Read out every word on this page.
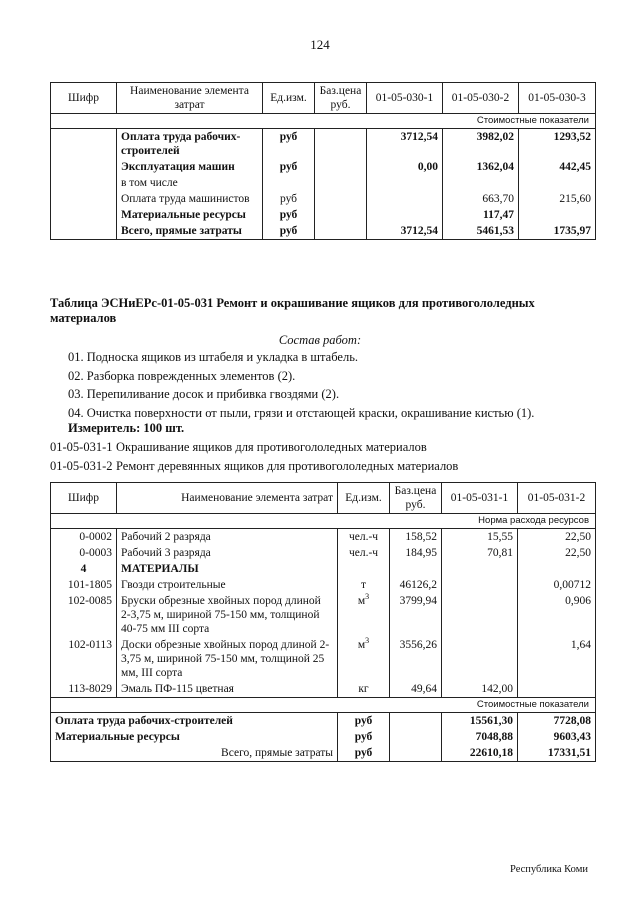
124
Шифр	Наименование элемента затрат	Ед.изм.	Баз.цена руб.	01-05-030-1	01-05-030-2	01-05-030-3
Стоимостные показатели						
	Оплата труда рабочих-строителей	руб		3712,54	3982,02	1293,52
	Эксплуатация машин	руб		0,00	1362,04	442,45
	в том числе					
	Оплата труда машинистов	руб			663,70	215,60
	Материальные ресурсы	руб			117,47	
	Всего, прямые затраты	руб		3712,54	5461,53	1735,97
Таблица ЭСНиЕРс-01-05-031 Ремонт и окрашивание ящиков для противогололедных материалов
Состав работ:
01. Подноска ящиков из штабеля и укладка в штабель.
02. Разборка поврежденных элементов (2).
03. Перепиливание досок и прибивка гвоздями (2).
04. Очистка поверхности от пыли, грязи и отстающей краски, окрашивание кистью (1).
Измеритель: 100 шт.
01-05-031-1 Окрашивание ящиков для противогололедных материалов
01-05-031-2 Ремонт деревянных ящиков для противогололедных материалов
Шифр	Наименование элемента затрат	Ед.изм.	Баз.цена руб.	01-05-031-1	01-05-031-2
Норма расхода ресурсов					
0-0002	Рабочий 2 разряда	чел.-ч	158,52	15,55	22,50
0-0003	Рабочий 3 разряда	чел.-ч	184,95	70,81	22,50
4	МАТЕРИАЛЫ				
101-1805	Гвозди строительные	т	46126,2		0,00712
102-0085	Бруски обрезные хвойных пород длиной 2-3,75 м, шириной 75-150 мм, толщиной 40-75 мм III сорта	$м^3$	3799,94		0,906
102-0113	Доски обрезные хвойных пород длиной 2-3,75 м, шириной 75-150 мм, толщиной 25 мм, III сорта	$м^3$	3556,26		1,64
113-8029	Эмаль ПФ-115 цветная	кг	49,64	142,00	
Стоимостные показатели					
Оплата труда рабочих-строителей		руб		15561,30	7728,08
Материальные ресурсы		руб		7048,88	9603,43
Всего, прямые затраты		руб		22610,18	17331,51
Республика Коми
